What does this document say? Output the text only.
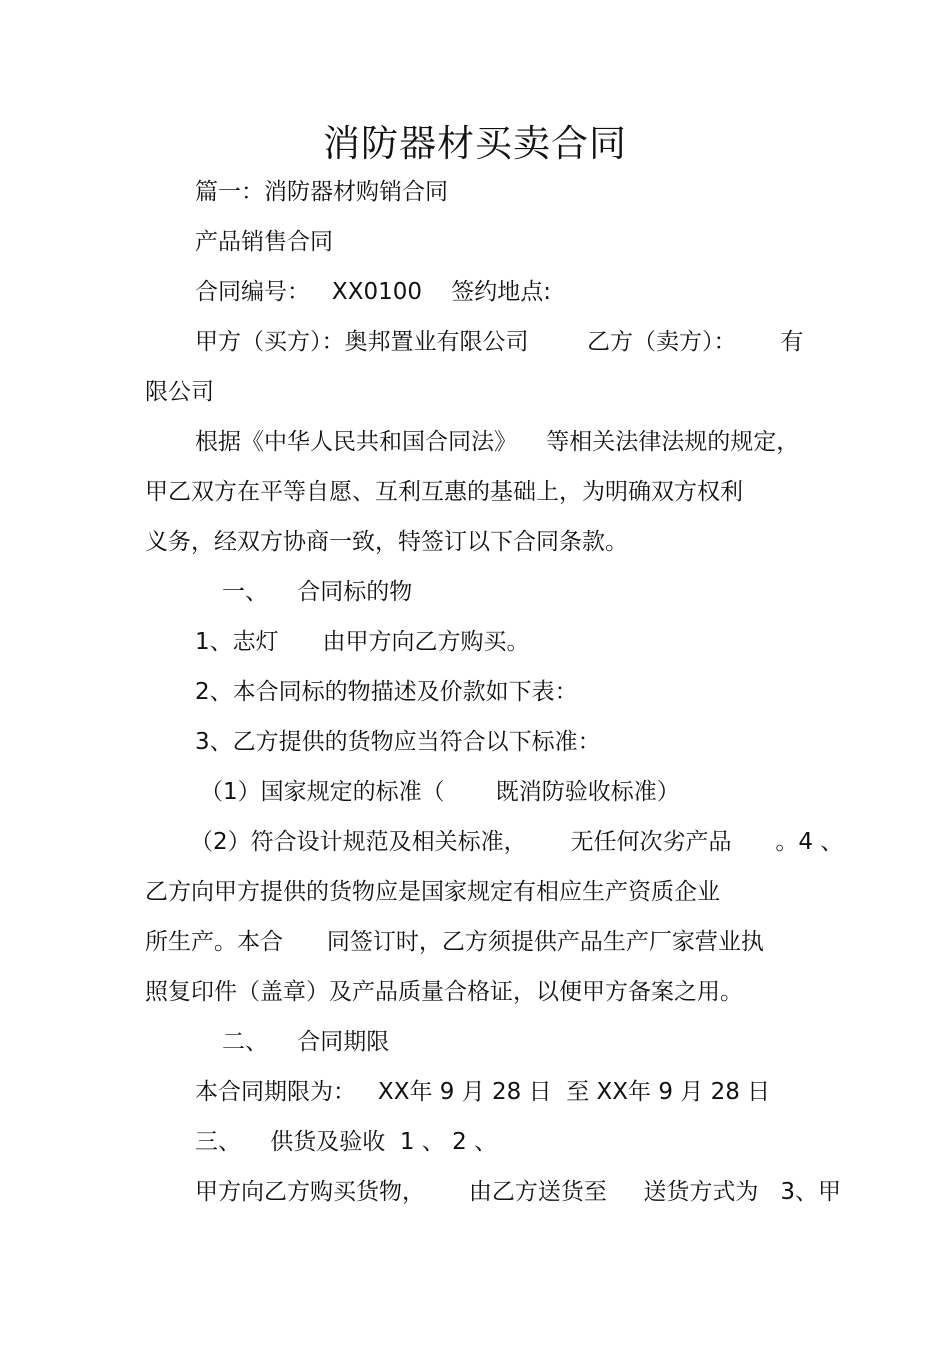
消防器材买卖合同
篇一：消防器材购销合同
产品销售合同
合同编号：   XX0100    签约地点:
甲方（买方）：奥邦置业有限公司        乙方（卖方）：      有
限公司
根据《中华人民共和国合同法》    等相关法律法规的规定，
甲乙双方在平等自愿、互利互惠的基础上，为明确双方权利
义务，经双方协商一致，特签订以下合同条款。
一、    合同标的物
1、志灯      由甲方向乙方购买。
2、本合同标的物描述及价款如下表：
3、乙方提供的货物应当符合以下标准：
（1）国家规定的标准（       既消防验收标准）
（2）符合设计规范及相关标准，      无任何次劣产品      。4 、
乙方向甲方提供的货物应是国家规定有相应生产资质企业
所生产。本合      同签订时，乙方须提供产品生产厂家营业执
照复印件（盖章）及产品质量合格证，以便甲方备案之用。
二、    合同期限
本合同期限为：   XX年 9 月 28 日  至 XX年 9 月 28 日
三、    供货及验收  1 、 2 、
甲方向乙方购买货物，      由乙方送货至     送货方式为   3、甲
